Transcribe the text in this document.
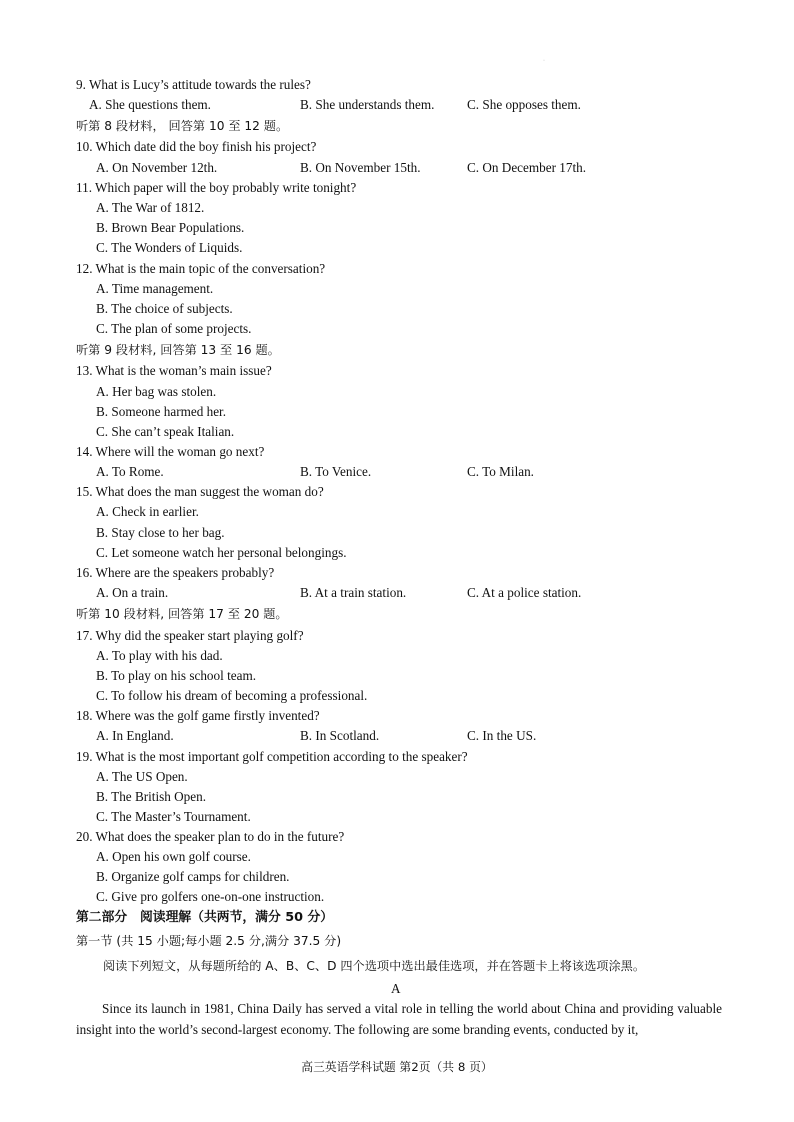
·
9. What is Lucy’s attitude towards the rules?
A. She questions them.	B. She understands them. C. She opposes them.
听第 8 段材料， 回答第 10 至 12 题。
10. Which date did the boy finish his project?
A. On November 12th.	B. On November 15th.	C. On December 17th.
11. Which paper will the boy probably write tonight?
A. The War of 1812.
B. Brown Bear Populations.
C. The Wonders of Liquids.
12. What is the main topic of the conversation?
A. Time management.
B. The choice of subjects.
C. The plan of some projects.
听第 9 段材料, 回答第 13 至 16 题。
13. What is the woman’s main issue?
A. Her bag was stolen.
B. Someone harmed her.
C. She can’t speak Italian.
14. Where will the woman go next?
A. To Rome.	B. To Venice.	C. To Milan.
15. What does the man suggest the woman do?
A. Check in earlier.
B. Stay close to her bag.
C. Let someone watch her personal belongings.
16. Where are the speakers probably?
A. On a train.	B. At a train station.	C. At a police station.
听第 10 段材料, 回答第 17 至 20 题。
17. Why did the speaker start playing golf?
A. To play with his dad.
B. To play on his school team.
C. To follow his dream of becoming a professional.
18. Where was the golf game firstly invented?
A. In England.	B. In Scotland.	C. In the US.
19. What is the most important golf competition according to the speaker?
A. The US Open.
B. The British Open.
C. The Master’s Tournament.
20. What does the speaker plan to do in the future?
A. Open his own golf course.
B. Organize golf camps for children.
C. Give pro golfers one-on-one instruction.
第二部分　阅读理解（共两节，满分 50 分）
第一节 (共 15 小题;每小题 2.5 分,满分 37.5 分)
阅读下列短文，从每题所给的 A、B、C、D 四个选项中选出最佳选项，并在答题卡上将该选项涂黑。
A
Since its launch in 1981, China Daily has served a vital role in telling the world about China and providing valuable insight into the world’s second-largest economy. The following are some branding events, conducted by it,
高三英语学科试题 第2页（共 8 页）
